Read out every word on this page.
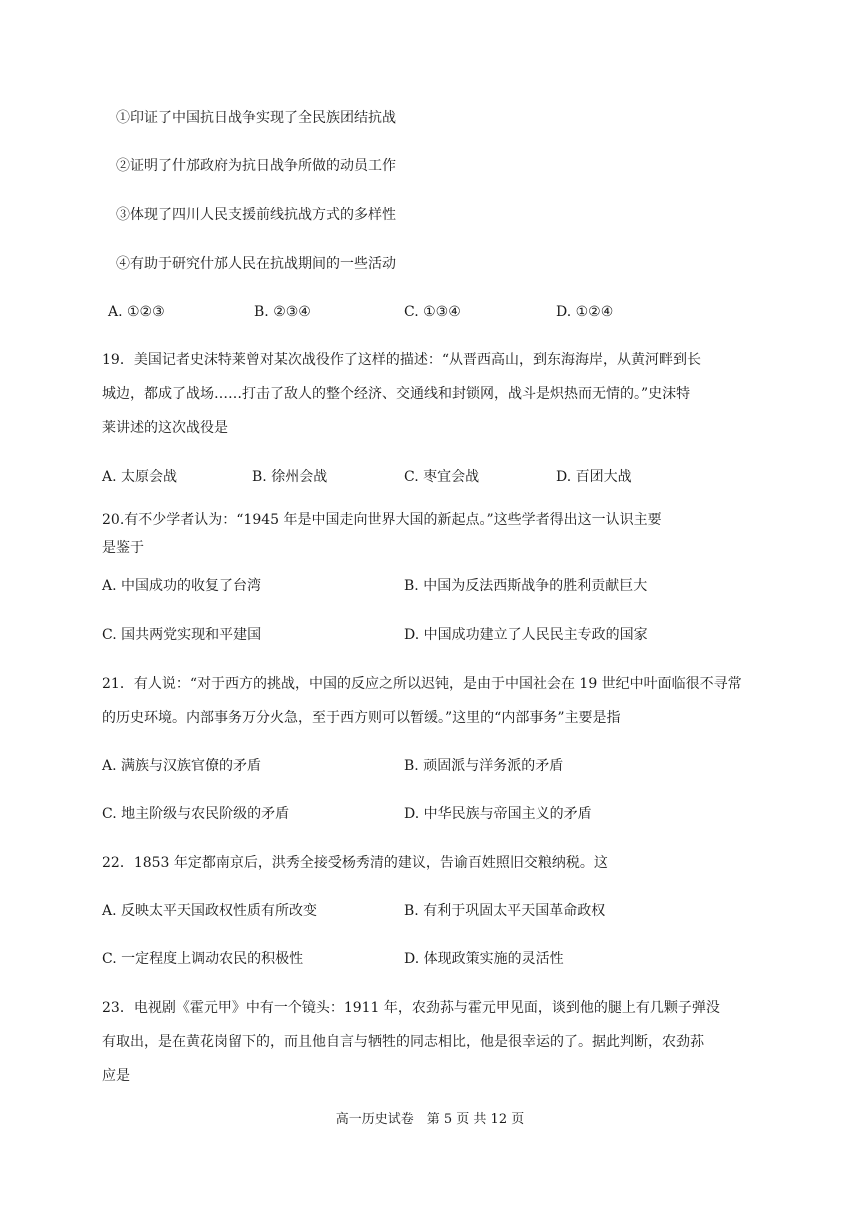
①印证了中国抗日战争实现了全民族团结抗战
②证明了什邡政府为抗日战争所做的动员工作
③体现了四川人民支援前线抗战方式的多样性
④有助于研究什邡人民在抗战期间的一些活动
A. ①②③	B. ②③④	C. ①③④	D. ①②④
19．美国记者史沫特莱曾对某次战役作了这样的描述：“从晋西高山，到东海海岸，从黄河畔到长
城边，都成了战场……打击了敌人的整个经济、交通线和封锁网，战斗是炽热而无情的。”史沫特
莱讲述的这次战役是
A. 太原会战	B. 徐州会战	C. 枣宜会战	D. 百团大战
20.有不少学者认为：“1945 年是中国走向世界大国的新起点。”这些学者得出这一认识主要
是鉴于
A. 中国成功的收复了台湾	B. 中国为反法西斯战争的胜利贡献巨大
C. 国共两党实现和平建国	D. 中国成功建立了人民民主专政的国家
21．有人说：“对于西方的挑战，中国的反应之所以迟钝，是由于中国社会在 19 世纪中叶面临很不寻常
的历史环境。内部事务万分火急，至于西方则可以暂缓。”这里的“内部事务”主要是指
A. 满族与汉族官僚的矛盾	B. 顽固派与洋务派的矛盾
C. 地主阶级与农民阶级的矛盾	D. 中华民族与帝国主义的矛盾
22．1853 年定都南京后，洪秀全接受杨秀清的建议，告谕百姓照旧交粮纳税。这
A. 反映太平天国政权性质有所改变	B. 有利于巩固太平天国革命政权
C. 一定程度上调动农民的积极性	D. 体现政策实施的灵活性
23．电视剧《霍元甲》中有一个镜头：1911 年，农劲荪与霍元甲见面，谈到他的腿上有几颗子弹没
有取出，是在黄花岗留下的，而且他自言与牺牲的同志相比，他是很幸运的了。据此判断，农劲荪
应是
高一历史试卷　第 5 页 共 12 页
